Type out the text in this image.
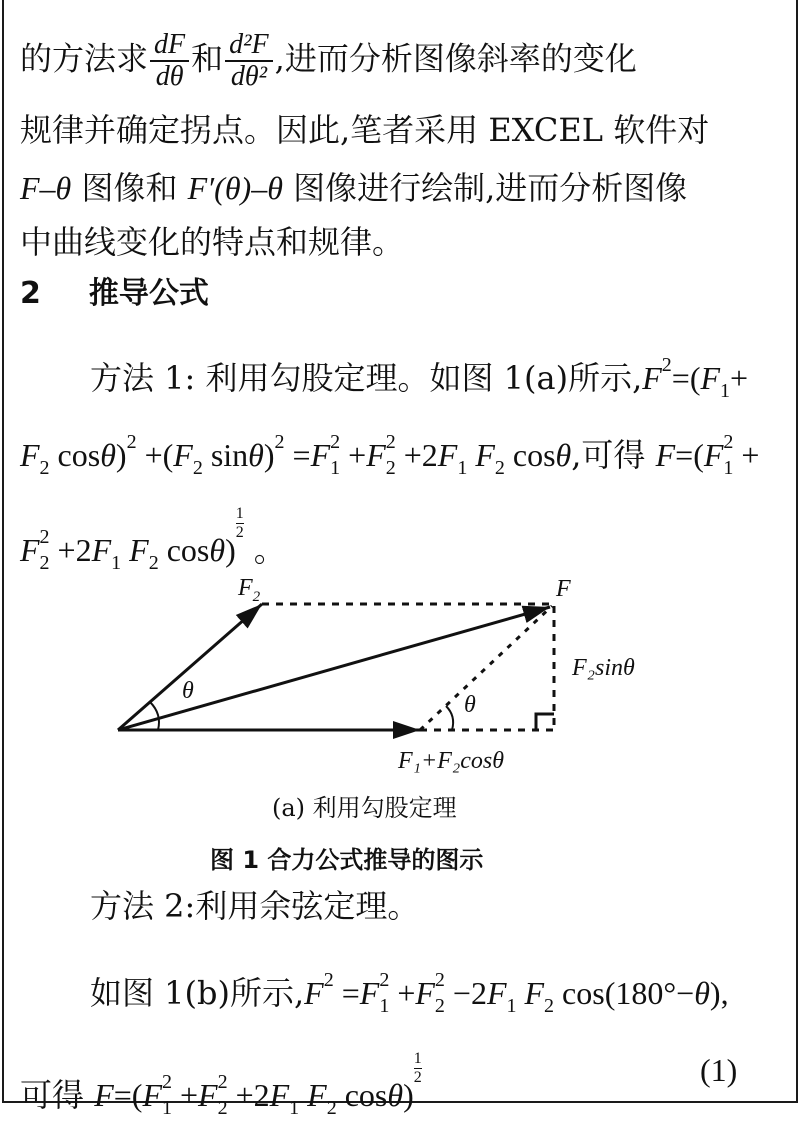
的方法求 $\frac{dF}{d\theta}$ 和 $\frac{\text{d²F}}{\text{dθ²}}$ ,进而分析图像斜率的变化
规律并确定拐点。因此,笔者采用 EXCEL 软件对
F–θ 图像和 F′(θ)–θ 图像进行绘制,进而分析图像
中曲线变化的特点和规律。
2 推导公式
方法 1: 利用勾股定理。如图 1(a)所示$,F^2=(F_1+$
$F_2$ $\cos\theta)^2 +(F_2$ $\sin\theta)^2 =F_1^2 +F_2^2 +2F_1$ $F_2$ cosθ,可得 $F=(F_1^2$ +
$F_2^2 +2F_1$ $F_2$ cosθ)
$\frac{1}{2}$。
$F_2$	F
θ
θ
F₂sinθ
F₁+F₂cosθ
(a) 利用勾股定理
图 1 合力公式推导的图示
方法 2:利用余弦定理。
如图 1(b)所示$,F^2 =F_1^2 +F_2^2 -2F_1$ $F_2$ cos(180°−θ),
可得 $F=(F_1^2 +F_2^2 +2F_1$ $F_2$ cosθ)
$\frac{1}{2}$	(1)
